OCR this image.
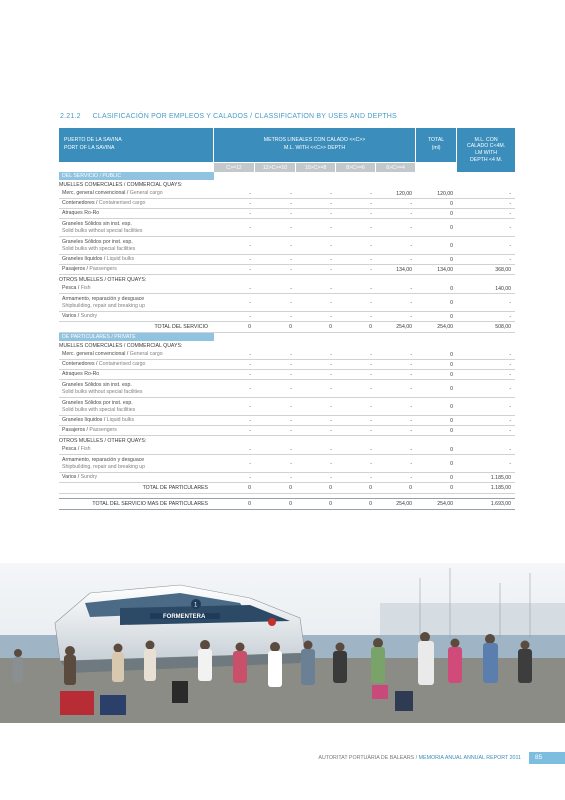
2.21.2 CLASIFICACIÓN POR EMPLEOS Y CALADOS / CLASSIFICATION BY USES AND DEPTHS
PUERTO DE LA SAVINA
PORT OF LA SAVINA	METROS LINEALES CON CALADO <<C>>
M.L. WITH <<C>> DEPTH					TOTAL
(ml)	M.L. CON
CALADO C<4M.
LM WITH
DEPTH <4 M.
	C>=12	12>C>=10	10>C>=8	8>C>=6	6>C>=4		
DEL SERVICIO / PUBLIC							
MUELLES COMERCIALES / COMMERCIAL QUAYS:							
Merc. general convencional / General cargo	-	-	-	-	120,00	120,00	-
Contenedores / Containerised cargo	-	-	-	-	-	0	-
Atraques Ro-Ro	-	-	-	-	-	0	-
Graneles Sólidos sin inst. esp.
Solid bulks without special facilities	-	-	-	-	-	0	-
Graneles Sólidos por inst. esp.
Solid bulks with special facilities	-	-	-	-	-	0	-
Graneles líquidos / Liquid bulks	-	-	-	-	-	0	-
Pasajeros / Passengers	-	-	-	-	134,00	134,00	368,00
OTROS MUELLES / OTHER QUAYS:							
Pesca / Fish	-	-	-	-	-	0	140,00
Armamento, reparación y desguace
Shipbuilding, repair and breaking up	-	-	-	-	-	0	-
Varios / Sundry	-	-	-	-	-	0	-
TOTAL DEL SERVICIO	0	0	0	0	254,00	254,00	508,00
DE PARTICULARES / PRIVATE							
MUELLES COMERCIALES / COMMERCIAL QUAYS:							
Merc. general convencional / General cargo	-	-	-	-	-	0	-
Contenedores / Containerised cargo	-	-	-	-	-	0	-
Atraques Ro-Ro	-	-	-	-	-	0	-
Graneles Sólidos sin inst. esp.
Solid bulks without special facilities	-	-	-	-	-	0	-
Graneles Sólidos por inst. esp.
Solid bulks with special facilities	-	-	-	-	-	0	-
Graneles líquidos / Liquid bulks	-	-	-	-	-	0	-
Pasajeros / Passengers	-	-	-	-	-	0	-
OTROS MUELLES / OTHER QUAYS:							
Pesca / Fish	-	-	-	-	-	0	-
Armamento, reparación y desguace
Shipbuilding, repair and breaking up	-	-	-	-	-	0	-
Varios / Sundry	-	-	-	-	-	0	1.185,00
TOTAL DE PARTICULARES	0	0	0	0	0	0	1.185,00

TOTAL DEL SERVICIO MAS DE PARTICULARES	0	0	0	0	254,00	254,00	1.693,00
FORMENTERA
1
AUTORITAT PORTUÀRIA DE BALEARS / MEMORIA ANUAL ANNUAL REPORT 2011	85
